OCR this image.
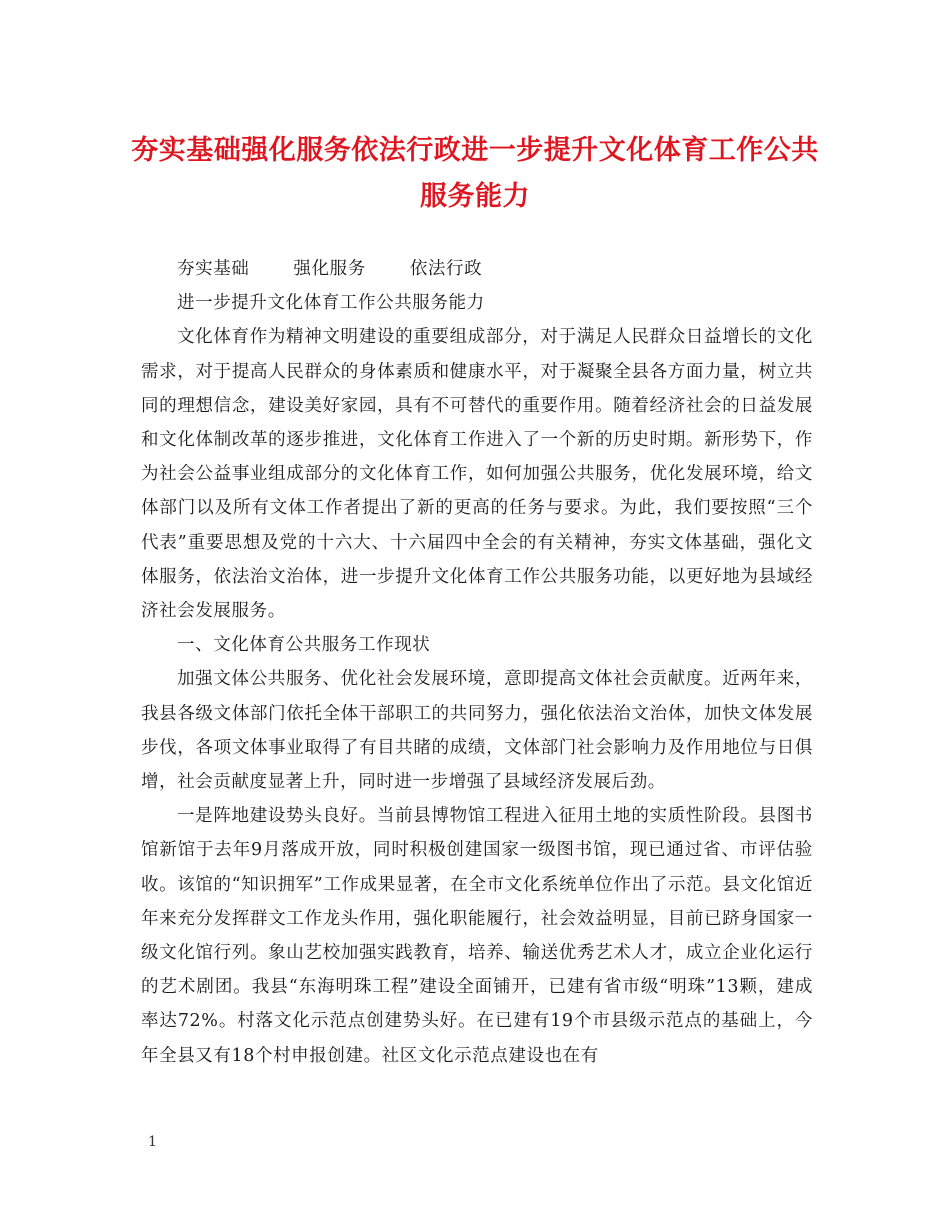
夯实基础强化服务依法行政进一步提升文化体育工作公共服务能力

夯实基础	强化服务	依法行政

进一步提升文化体育工作公共服务能力

文化体育作为精神文明建设的重要组成部分，对于满足人民群众日益增长的文化需求，对于提高人民群众的身体素质和健康水平，对于凝聚全县各方面力量，树立共同的理想信念，建设美好家园，具有不可替代的重要作用。随着经济社会的日益发展和文化体制改革的逐步推进，文化体育工作进入了一个新的历史时期。新形势下，作为社会公益事业组成部分的文化体育工作，如何加强公共服务，优化发展环境，给文体部门以及所有文体工作者提出了新的更高的任务与要求。为此，我们要按照“三个代表”重要思想及党的十六大、十六届四中全会的有关精神，夯实文体基础，强化文体服务，依法治文治体，进一步提升文化体育工作公共服务功能，以更好地为县域经济社会发展服务。

一、文化体育公共服务工作现状

加强文体公共服务、优化社会发展环境，意即提高文体社会贡献度。近两年来，我县各级文体部门依托全体干部职工的共同努力，强化依法治文治体，加快文体发展步伐，各项文体事业取得了有目共睹的成绩，文体部门社会影响力及作用地位与日俱增，社会贡献度显著上升，同时进一步增强了县域经济发展后劲。

一是阵地建设势头良好。当前县博物馆工程进入征用土地的实质性阶段。县图书馆新馆于去年9月落成开放，同时积极创建国家一级图书馆，现已通过省、市评估验收。该馆的“知识拥军”工作成果显著，在全市文化系统单位作出了示范。县文化馆近年来充分发挥群文工作龙头作用，强化职能履行，社会效益明显，目前已跻身国家一级文化馆行列。象山艺校加强实践教育，培养、输送优秀艺术人才，成立企业化运行的艺术剧团。我县“东海明珠工程”建设全面铺开，已建有省市级“明珠”13颗，建成率达72%。村落文化示范点创建势头好。在已建有19个市县级示范点的基础上，今年全县又有18个村申报创建。社区文化示范点建设也在有

1
